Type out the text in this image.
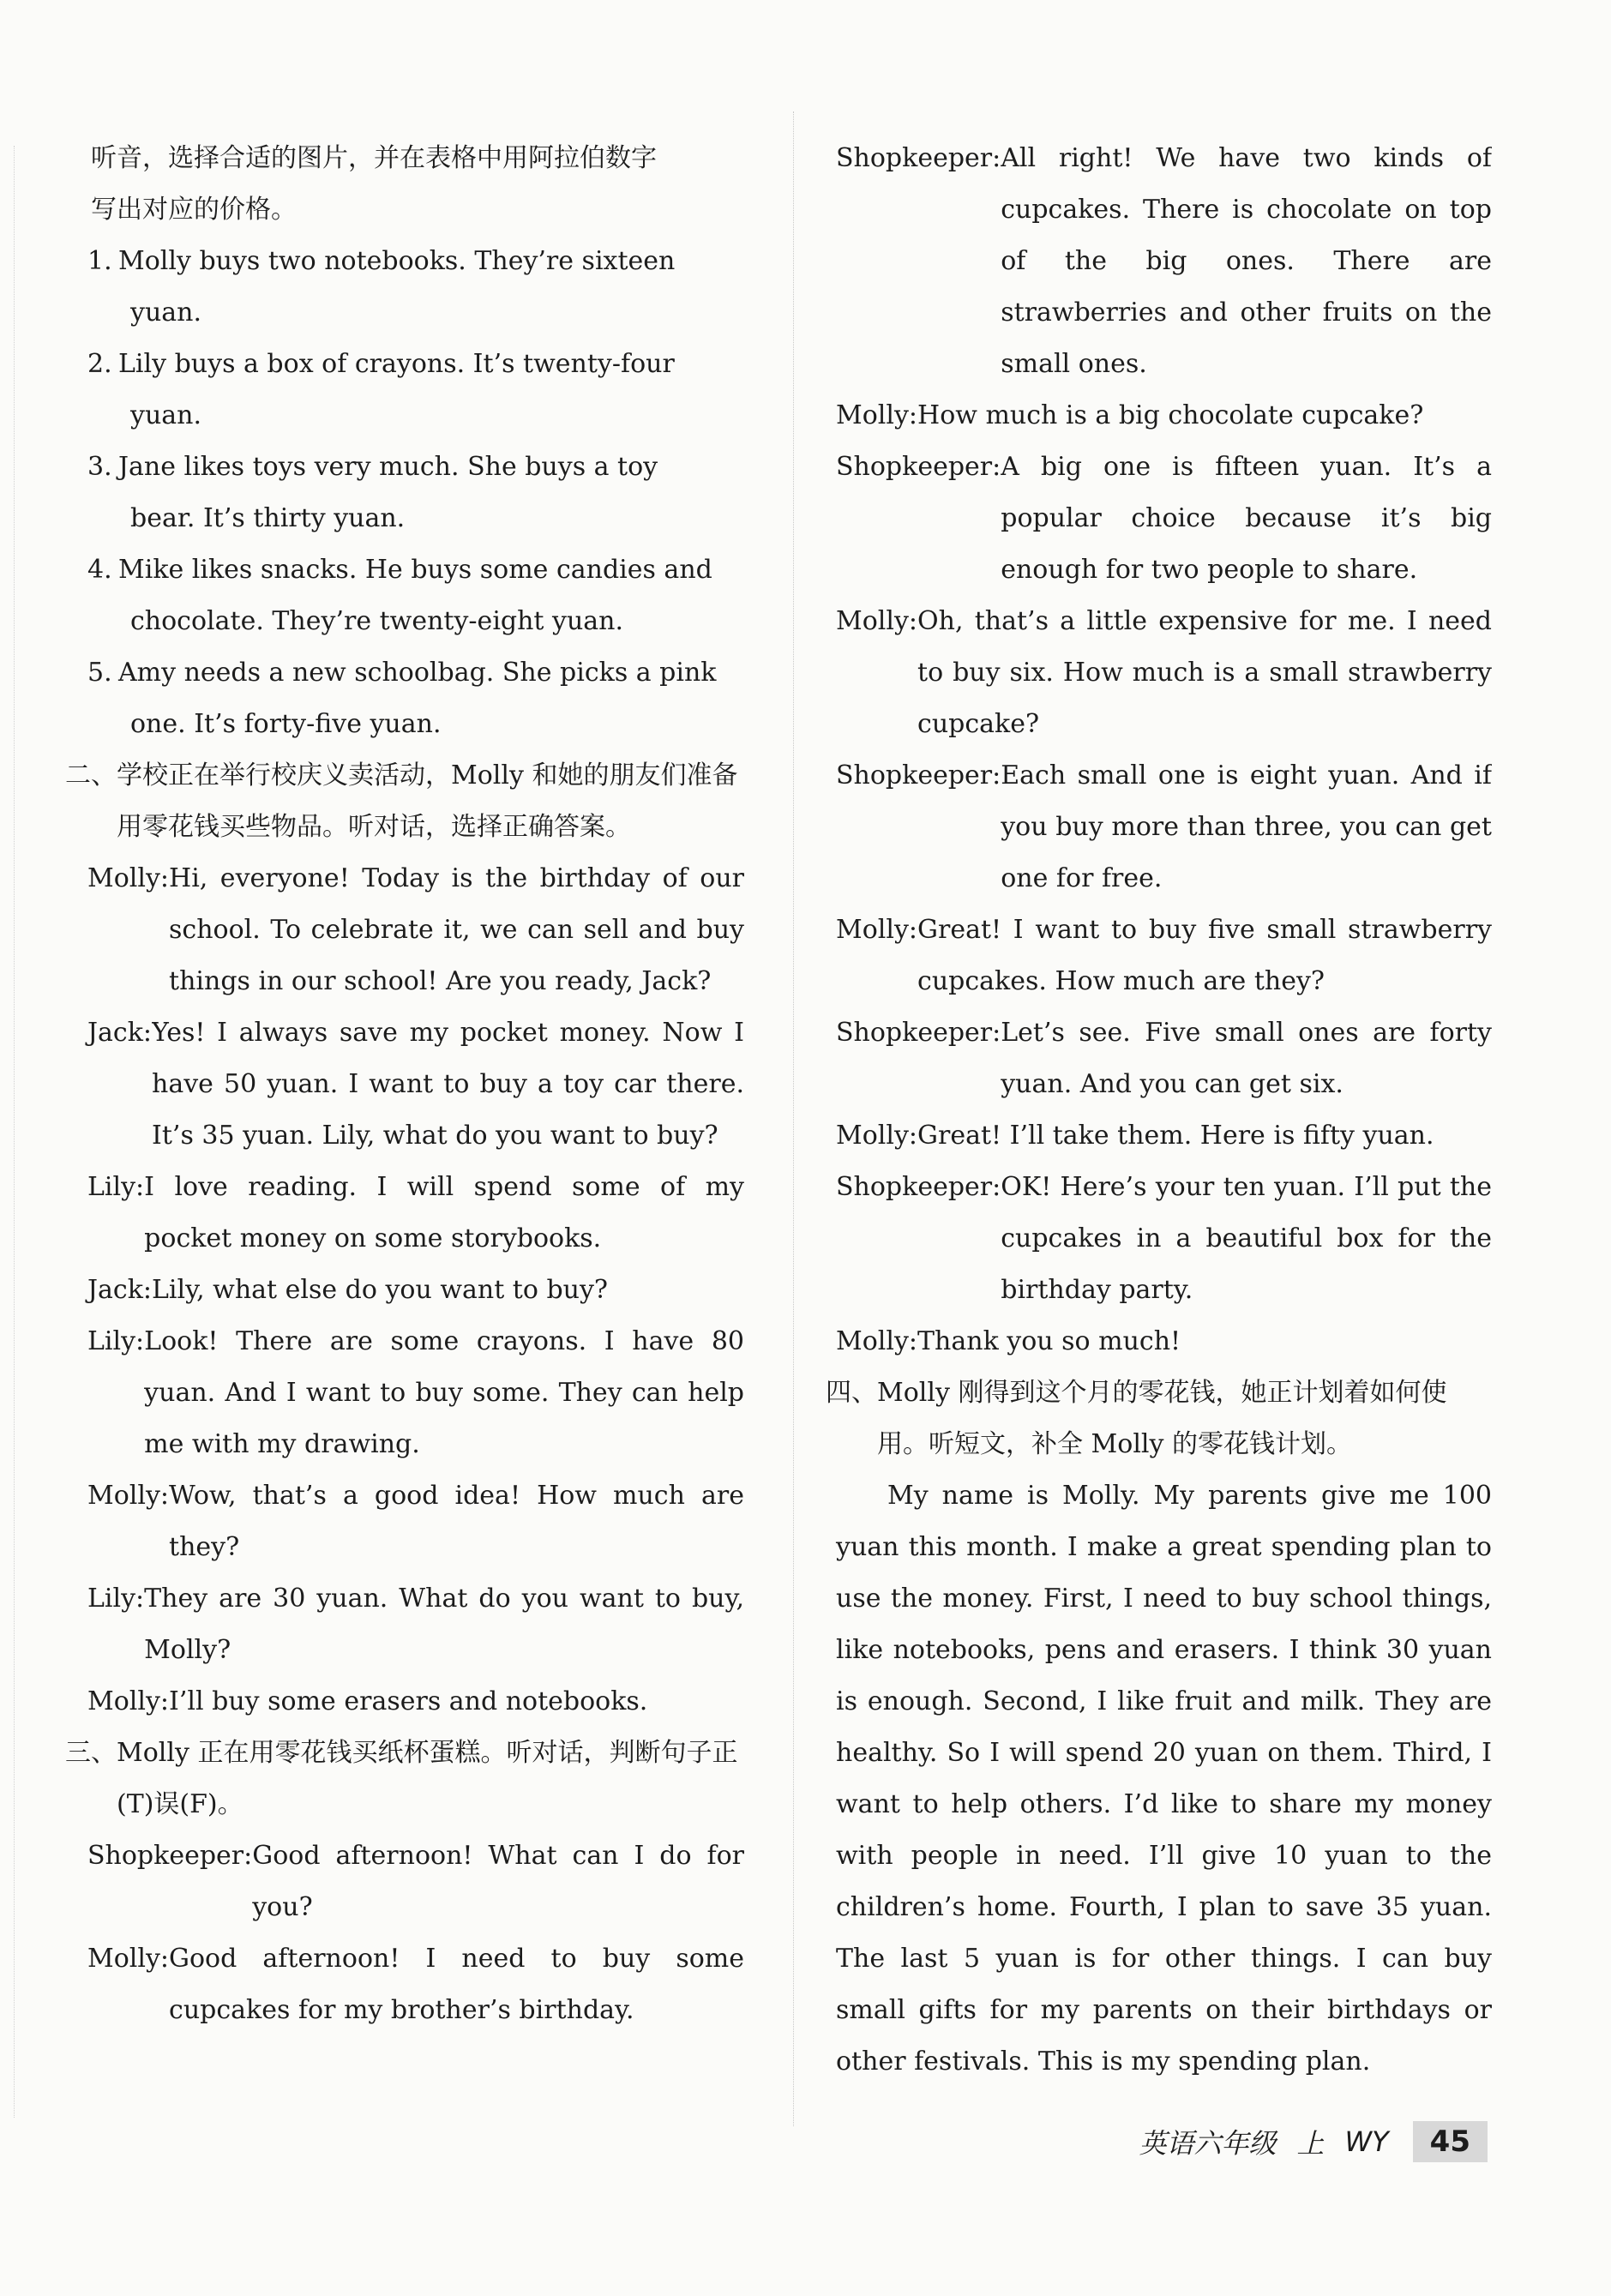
听音，选择合适的图片，并在表格中用阿拉伯数字
写出对应的价格。
1. Molly buys two notebooks. They’re sixteen
yuan.
2. Lily buys a box of crayons. It’s twenty-four
yuan.
3. Jane likes toys very much. She buys a toy
bear. It’s thirty yuan.
4. Mike likes snacks. He buys some candies and
chocolate. They’re twenty-eight yuan.
5. Amy needs a new schoolbag. She picks a pink
one. It’s forty-five yuan.
二、学校正在举行校庆义卖活动，Molly 和她的朋友们准备用零花钱买些物品。听对话，选择正确答案。
Molly: Hi, everyone! Today is the birthday of our school. To celebrate it, we can sell and buy things in our school! Are you ready, Jack?
Jack: Yes! I always save my pocket money. Now I have 50 yuan. I want to buy a toy car there. It’s 35 yuan. Lily, what do you want to buy?
Lily: I love reading. I will spend some of my pocket money on some storybooks.
Jack: Lily, what else do you want to buy?
Lily: Look! There are some crayons. I have 80 yuan. And I want to buy some. They can help me with my drawing.
Molly: Wow, that’s a good idea! How much are they?
Lily: They are 30 yuan. What do you want to buy, Molly?
Molly: I’ll buy some erasers and notebooks.
三、Molly 正在用零花钱买纸杯蛋糕。听对话，判断句子正(T)误(F)。
Shopkeeper: Good afternoon! What can I do for you?
Molly: Good afternoon! I need to buy some cupcakes for my brother’s birthday.
Shopkeeper: All right! We have two kinds of cupcakes. There is chocolate on top of the big ones. There are strawberries and other fruits on the small ones.
Molly: How much is a big chocolate cupcake?
Shopkeeper: A big one is fifteen yuan. It’s a popular choice because it’s big enough for two people to share.
Molly: Oh, that’s a little expensive for me. I need to buy six. How much is a small strawberry cupcake?
Shopkeeper: Each small one is eight yuan. And if you buy more than three, you can get one for free.
Molly: Great! I want to buy five small strawberry cupcakes. How much are they?
Shopkeeper: Let’s see. Five small ones are forty yuan. And you can get six.
Molly: Great! I’ll take them. Here is fifty yuan.
Shopkeeper: OK! Here’s your ten yuan. I’ll put the cupcakes in a beautiful box for the birthday party.
Molly: Thank you so much!
四、Molly 刚得到这个月的零花钱，她正计划着如何使用。听短文，补全 Molly 的零花钱计划。
My name is Molly. My parents give me 100 yuan this month. I make a great spending plan to use the money. First, I need to buy school things, like notebooks, pens and erasers. I think 30 yuan is enough. Second, I like fruit and milk. They are healthy. So I will spend 20 yuan on them. Third, I want to help others. I’d like to share my money with people in need. I’ll give 10 yuan to the children’s home. Fourth, I plan to save 35 yuan. The last 5 yuan is for other things. I can buy small gifts for my parents on their birthdays or other festivals. This is my spending plan.
英语六年级 上 WY	45
